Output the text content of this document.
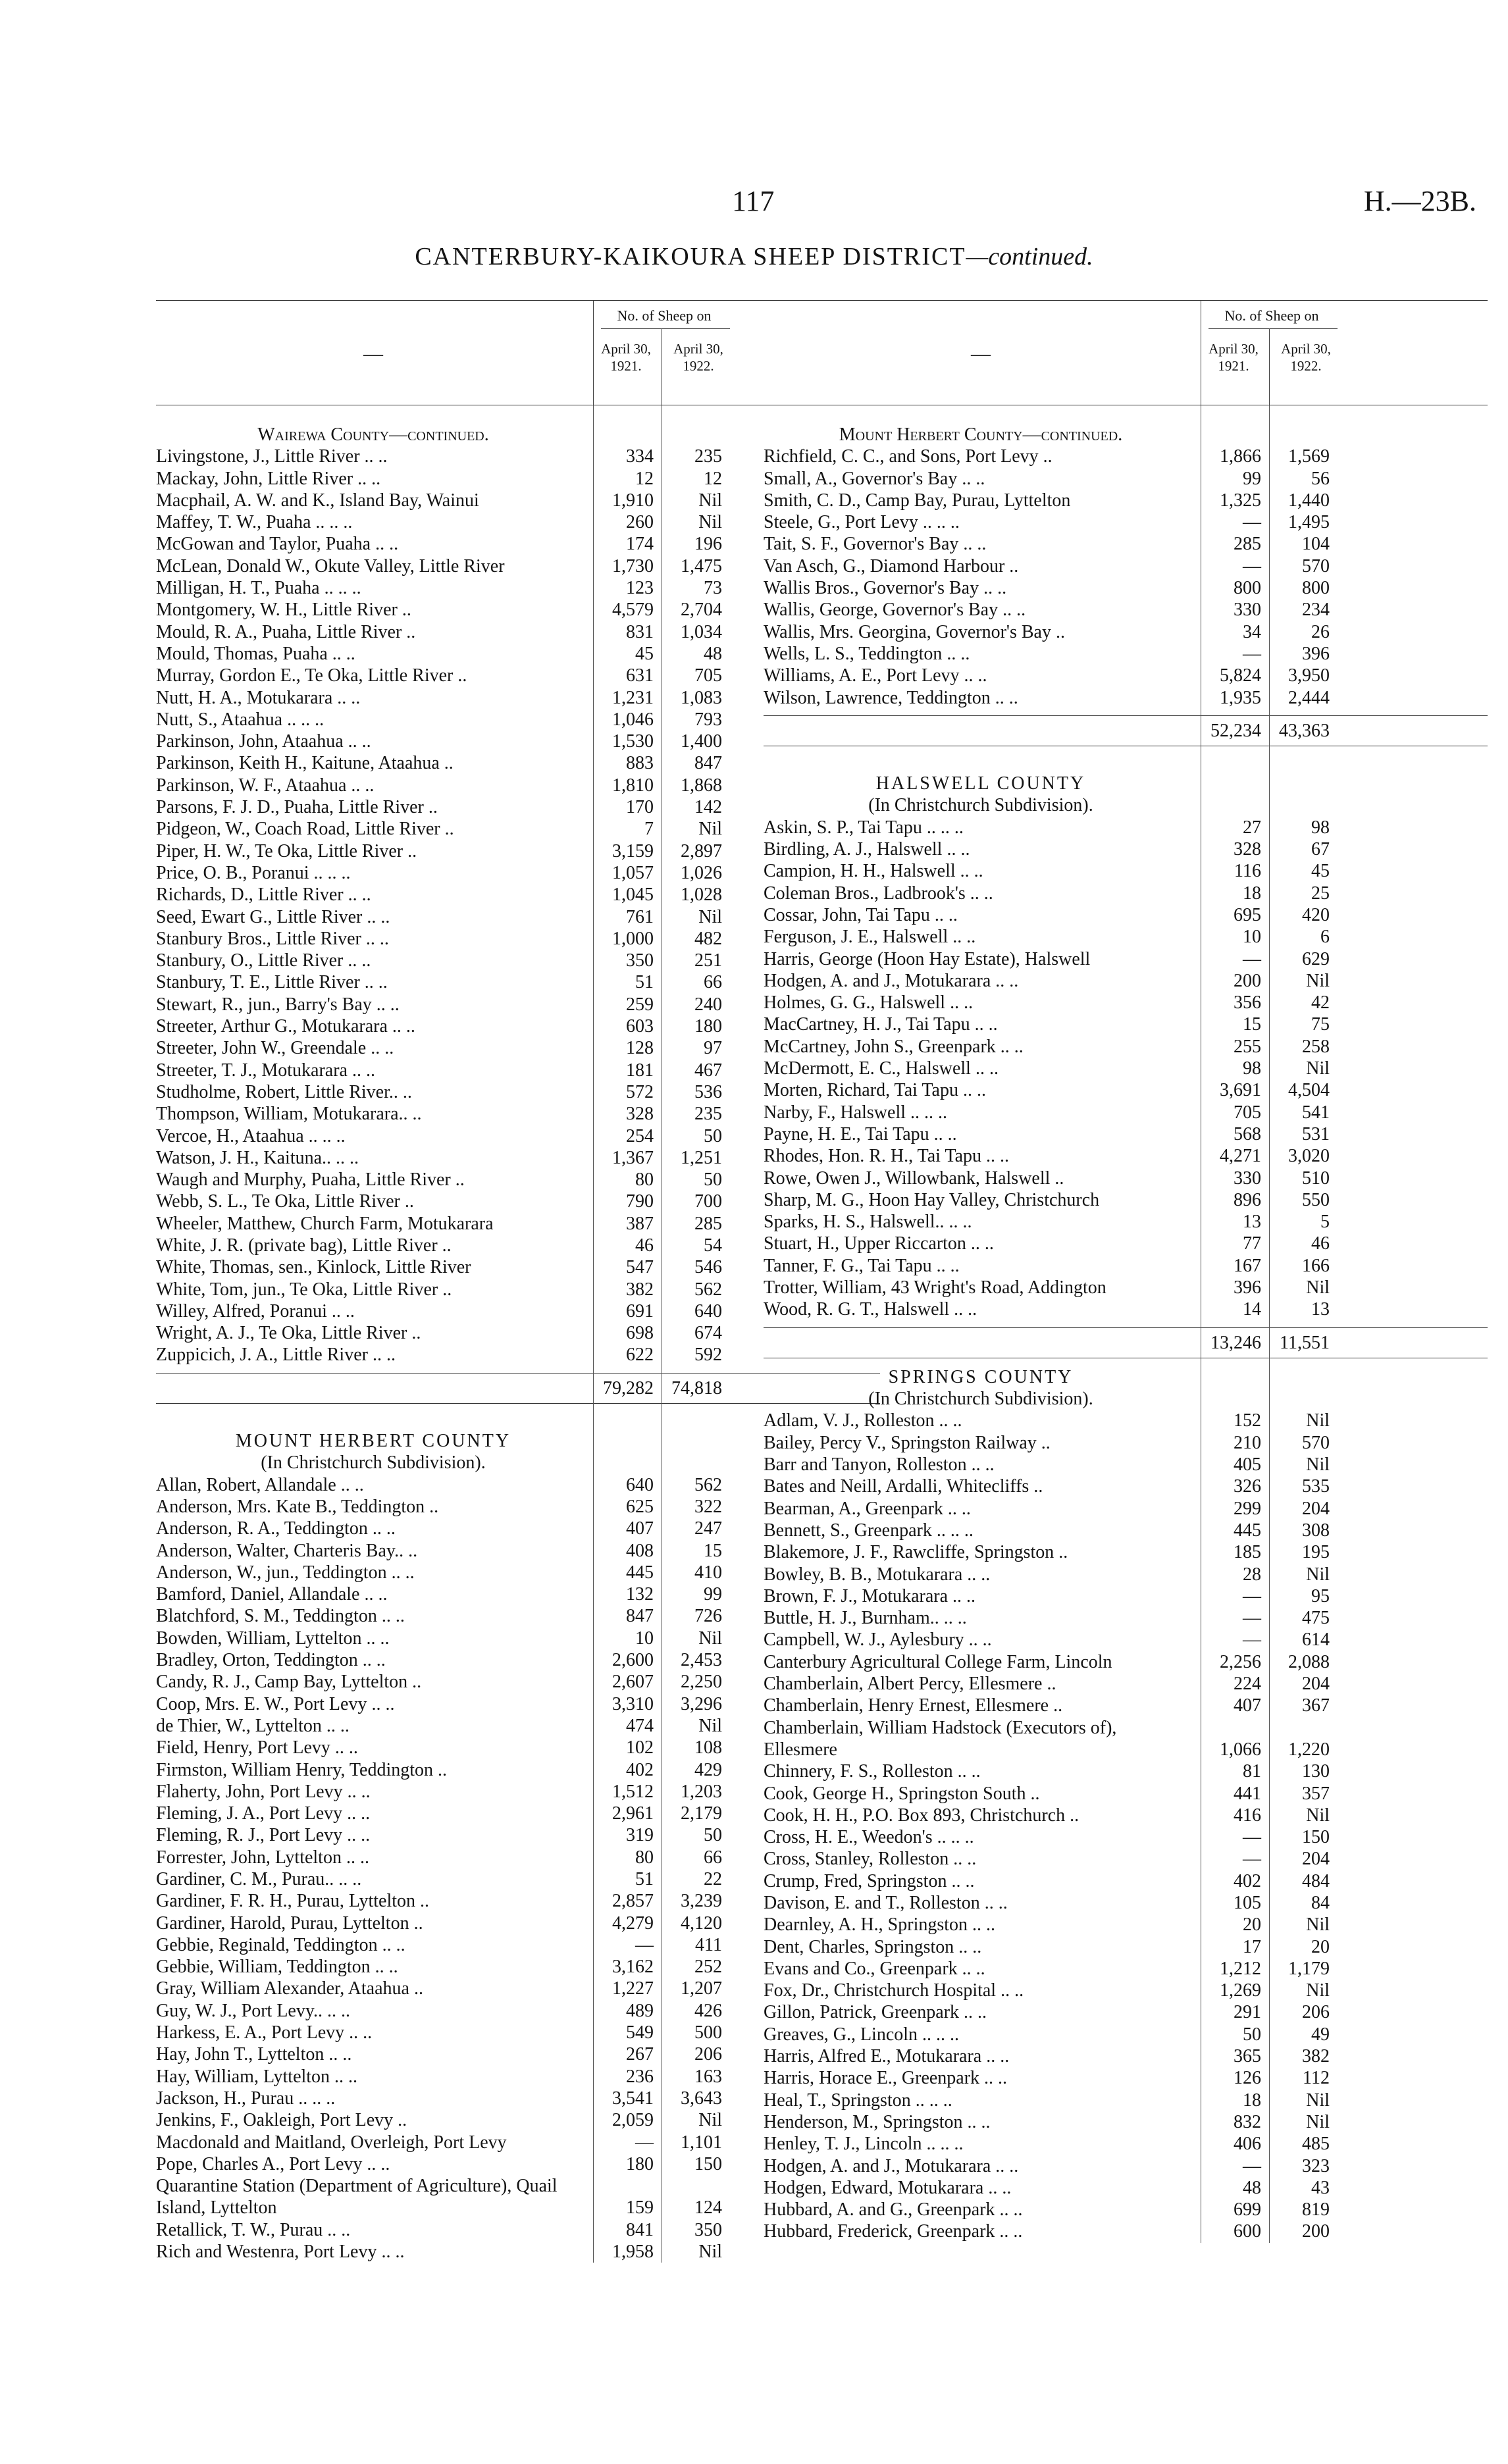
117	H.—23B.
CANTERBURY-KAIKOURA SHEEP DISTRICT—continued.
—
No. of Sheep on
April 30, 1921.
April 30, 1922.
Wairewa County—continued.
Livingstone, J., Little River .. ..	334	235
Mackay, John, Little River .. ..	12	12
Macphail, A. W. and K., Island Bay, Wainui	1,910	Nil
Maffey, T. W., Puaha .. .. ..	260	Nil
McGowan and Taylor, Puaha .. ..	174	196
McLean, Donald W., Okute Valley, Little River	1,730	1,475
Milligan, H. T., Puaha .. .. ..	123	73
Montgomery, W. H., Little River ..	4,579	2,704
Mould, R. A., Puaha, Little River ..	831	1,034
Mould, Thomas, Puaha .. ..	45	48
Murray, Gordon E., Te Oka, Little River ..	631	705
Nutt, H. A., Motukarara .. ..	1,231	1,083
Nutt, S., Ataahua .. .. ..	1,046	793
Parkinson, John, Ataahua .. ..	1,530	1,400
Parkinson, Keith H., Kaitune, Ataahua ..	883	847
Parkinson, W. F., Ataahua .. ..	1,810	1,868
Parsons, F. J. D., Puaha, Little River ..	170	142
Pidgeon, W., Coach Road, Little River ..	7	Nil
Piper, H. W., Te Oka, Little River ..	3,159	2,897
Price, O. B., Poranui .. .. ..	1,057	1,026
Richards, D., Little River .. ..	1,045	1,028
Seed, Ewart G., Little River .. ..	761	Nil
Stanbury Bros., Little River .. ..	1,000	482
Stanbury, O., Little River .. ..	350	251
Stanbury, T. E., Little River .. ..	51	66
Stewart, R., jun., Barry's Bay .. ..	259	240
Streeter, Arthur G., Motukarara .. ..	603	180
Streeter, John W., Greendale .. ..	128	97
Streeter, T. J., Motukarara .. ..	181	467
Studholme, Robert, Little River.. ..	572	536
Thompson, William, Motukarara.. ..	328	235
Vercoe, H., Ataahua .. .. ..	254	50
Watson, J. H., Kaituna.. .. ..	1,367	1,251
Waugh and Murphy, Puaha, Little River ..	80	50
Webb, S. L., Te Oka, Little River ..	790	700
Wheeler, Matthew, Church Farm, Motukarara	387	285
White, J. R. (private bag), Little River ..	46	54
White, Thomas, sen., Kinlock, Little River	547	546
White, Tom, jun., Te Oka, Little River ..	382	562
Willey, Alfred, Poranui .. ..	691	640
Wright, A. J., Te Oka, Little River ..	698	674
Zuppicich, J. A., Little River .. ..	622	592
79,282 74,818
MOUNT HERBERT COUNTY
(In Christchurch Subdivision).
Allan, Robert, Allandale .. ..	640	562
Anderson, Mrs. Kate B., Teddington ..	625	322
Anderson, R. A., Teddington .. ..	407	247
Anderson, Walter, Charteris Bay.. ..	408	15
Anderson, W., jun., Teddington .. ..	445	410
Bamford, Daniel, Allandale .. ..	132	99
Blatchford, S. M., Teddington .. ..	847	726
Bowden, William, Lyttelton .. ..	10	Nil
Bradley, Orton, Teddington .. ..	2,600	2,453
Candy, R. J., Camp Bay, Lyttelton ..	2,607	2,250
Coop, Mrs. E. W., Port Levy .. ..	3,310	3,296
de Thier, W., Lyttelton .. ..	474	Nil
Field, Henry, Port Levy .. ..	102	108
Firmston, William Henry, Teddington ..	402	429
Flaherty, John, Port Levy .. ..	1,512	1,203
Fleming, J. A., Port Levy .. ..	2,961	2,179
Fleming, R. J., Port Levy .. ..	319	50
Forrester, John, Lyttelton .. ..	80	66
Gardiner, C. M., Purau.. .. ..	51	22
Gardiner, F. R. H., Purau, Lyttelton ..	2,857	3,239
Gardiner, Harold, Purau, Lyttelton ..	4,279	4,120
Gebbie, Reginald, Teddington .. ..	—	411
Gebbie, William, Teddington .. ..	3,162	252
Gray, William Alexander, Ataahua ..	1,227	1,207
Guy, W. J., Port Levy.. .. ..	489	426
Harkess, E. A., Port Levy .. ..	549	500
Hay, John T., Lyttelton .. ..	267	206
Hay, William, Lyttelton .. ..	236	163
Jackson, H., Purau .. .. ..	3,541	3,643
Jenkins, F., Oakleigh, Port Levy ..	2,059	Nil
Macdonald and Maitland, Overleigh, Port Levy	—	1,101
Pope, Charles A., Port Levy .. ..	180	150
Quarantine Station (Department of Agriculture), Quail Island, Lyttelton	159	124
Retallick, T. W., Purau .. ..	841	350
Rich and Westenra, Port Levy .. ..	1,958	Nil
—
No. of Sheep on
April 30, 1921.
April 30, 1922.
Mount Herbert County—continued.
Richfield, C. C., and Sons, Port Levy ..	1,866	1,569
Small, A., Governor's Bay .. ..	99	56
Smith, C. D., Camp Bay, Purau, Lyttelton	1,325	1,440
Steele, G., Port Levy .. .. ..	—	1,495
Tait, S. F., Governor's Bay .. ..	285	104
Van Asch, G., Diamond Harbour ..	—	570
Wallis Bros., Governor's Bay .. ..	800	800
Wallis, George, Governor's Bay .. ..	330	234
Wallis, Mrs. Georgina, Governor's Bay ..	34	26
Wells, L. S., Teddington .. ..	—	396
Williams, A. E., Port Levy .. ..	5,824	3,950
Wilson, Lawrence, Teddington .. ..	1,935	2,444
52,234 43,363
HALSWELL COUNTY
(In Christchurch Subdivision).
Askin, S. P., Tai Tapu .. .. ..	27	98
Birdling, A. J., Halswell .. ..	328	67
Campion, H. H., Halswell .. ..	116	45
Coleman Bros., Ladbrook's .. ..	18	25
Cossar, John, Tai Tapu .. ..	695	420
Ferguson, J. E., Halswell .. ..	10	6
Harris, George (Hoon Hay Estate), Halswell	—	629
Hodgen, A. and J., Motukarara .. ..	200	Nil
Holmes, G. G., Halswell .. ..	356	42
MacCartney, H. J., Tai Tapu .. ..	15	75
McCartney, John S., Greenpark .. ..	255	258
McDermott, E. C., Halswell .. ..	98	Nil
Morten, Richard, Tai Tapu .. ..	3,691	4,504
Narby, F., Halswell .. .. ..	705	541
Payne, H. E., Tai Tapu .. ..	568	531
Rhodes, Hon. R. H., Tai Tapu .. ..	4,271	3,020
Rowe, Owen J., Willowbank, Halswell ..	330	510
Sharp, M. G., Hoon Hay Valley, Christchurch	896	550
Sparks, H. S., Halswell.. .. ..	13	5
Stuart, H., Upper Riccarton .. ..	77	46
Tanner, F. G., Tai Tapu .. ..	167	166
Trotter, William, 43 Wright's Road, Addington	396	Nil
Wood, R. G. T., Halswell .. ..	14	13
13,246	11,551
SPRINGS COUNTY
(In Christchurch Subdivision).
Adlam, V. J., Rolleston .. ..	152	Nil
Bailey, Percy V., Springston Railway ..	210	570
Barr and Tanyon, Rolleston .. ..	405	Nil
Bates and Neill, Ardalli, Whitecliffs ..	326	535
Bearman, A., Greenpark .. ..	299	204
Bennett, S., Greenpark .. .. ..	445	308
Blakemore, J. F., Rawcliffe, Springston ..	185	195
Bowley, B. B., Motukarara .. ..	28	Nil
Brown, F. J., Motukarara .. ..	—	95
Buttle, H. J., Burnham.. .. ..	—	475
Campbell, W. J., Aylesbury .. ..	—	614
Canterbury Agricultural College Farm, Lincoln	2,256	2,088
Chamberlain, Albert Percy, Ellesmere ..	224	204
Chamberlain, Henry Ernest, Ellesmere ..	407	367
Chamberlain, William Hadstock (Executors of), Ellesmere	1,066	1,220
Chinnery, F. S., Rolleston .. ..	81	130
Cook, George H., Springston South ..	441	357
Cook, H. H., P.O. Box 893, Christchurch ..	416	Nil
Cross, H. E., Weedon's .. .. ..	—	150
Cross, Stanley, Rolleston .. ..	—	204
Crump, Fred, Springston .. ..	402	484
Davison, E. and T., Rolleston .. ..	105	84
Dearnley, A. H., Springston .. ..	20	Nil
Dent, Charles, Springston .. ..	17	20
Evans and Co., Greenpark .. ..	1,212	1,179
Fox, Dr., Christchurch Hospital .. ..	1,269	Nil
Gillon, Patrick, Greenpark .. ..	291	206
Greaves, G., Lincoln .. .. ..	50	49
Harris, Alfred E., Motukarara .. ..	365	382
Harris, Horace E., Greenpark .. ..	126	112
Heal, T., Springston .. .. ..	18	Nil
Henderson, M., Springston .. ..	832	Nil
Henley, T. J., Lincoln .. .. ..	406	485
Hodgen, A. and J., Motukarara .. ..	—	323
Hodgen, Edward, Motukarara .. ..	48	43
Hubbard, A. and G., Greenpark .. ..	699	819
Hubbard, Frederick, Greenpark .. ..	600	200
